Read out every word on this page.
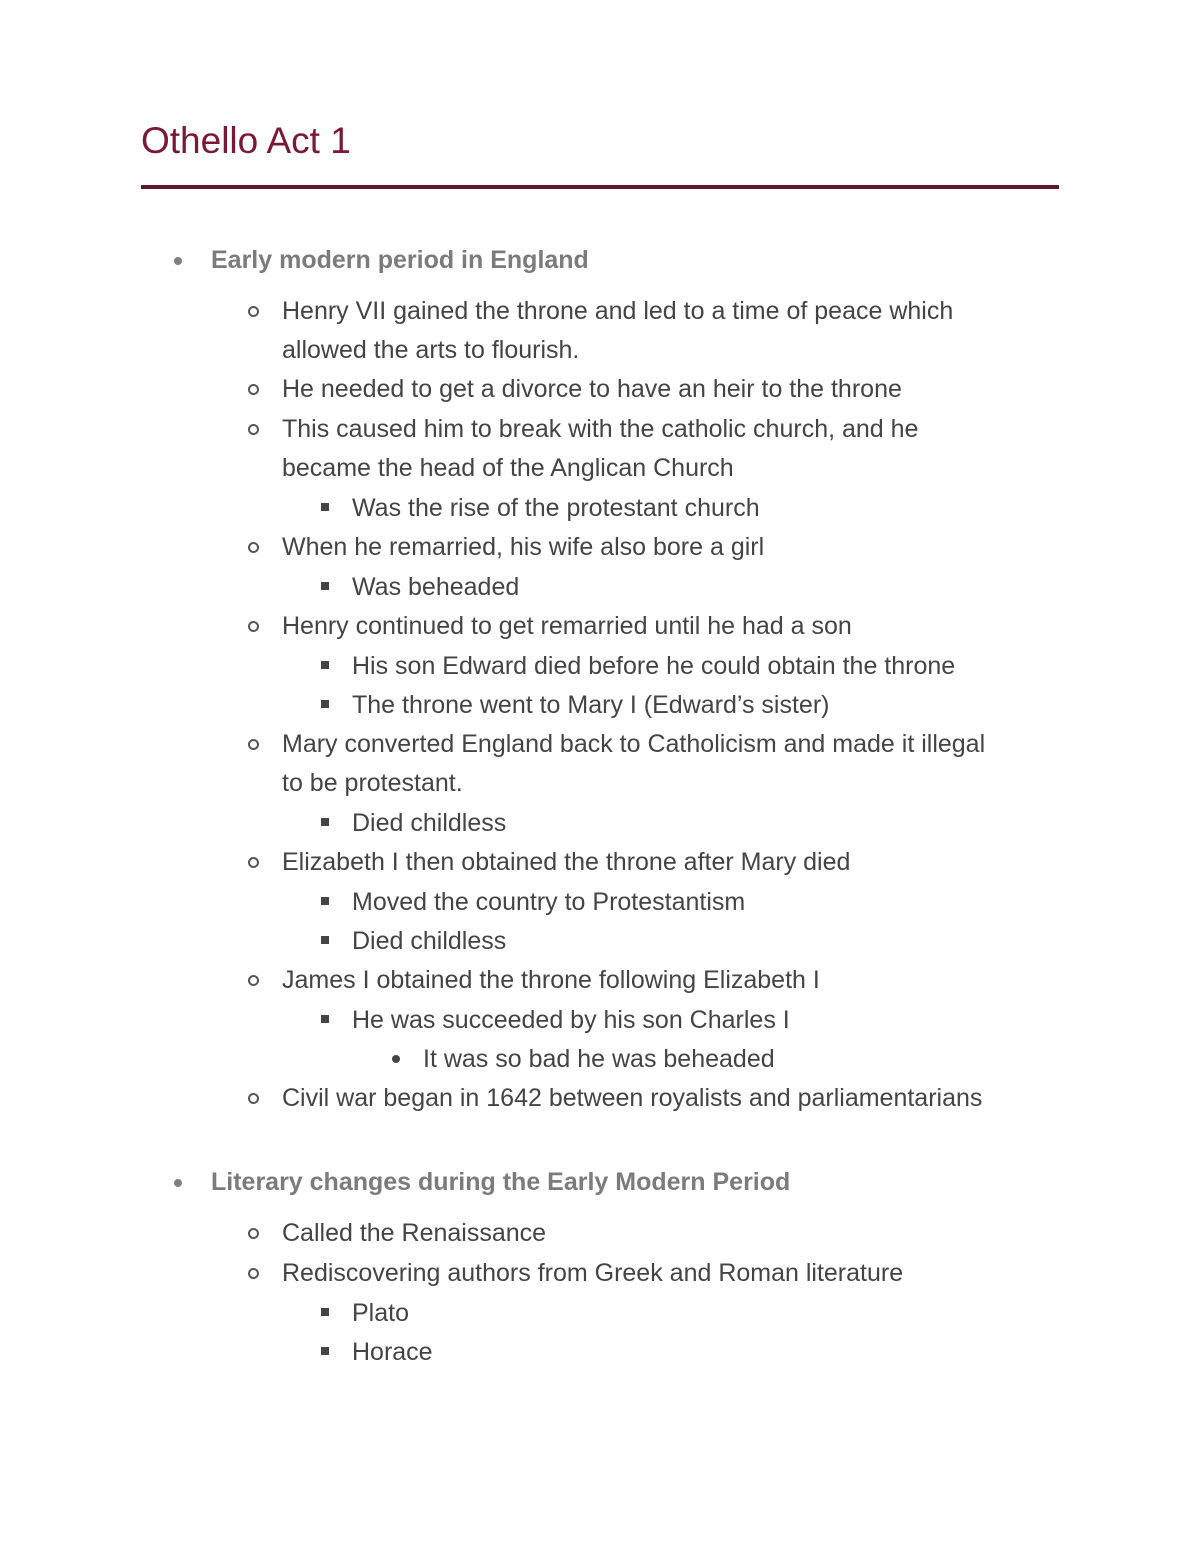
Othello Act 1
Early modern period in England
Henry VII gained the throne and led to a time of peace which
allowed the arts to flourish.
He needed to get a divorce to have an heir to the throne
This caused him to break with the catholic church, and he
became the head of the Anglican Church
Was the rise of the protestant church
When he remarried, his wife also bore a girl
Was beheaded
Henry continued to get remarried until he had a son
His son Edward died before he could obtain the throne
The throne went to Mary I (Edward’s sister)
Mary converted England back to Catholicism and made it illegal
to be protestant.
Died childless
Elizabeth I then obtained the throne after Mary died
Moved the country to Protestantism
Died childless
James I obtained the throne following Elizabeth I
He was succeeded by his son Charles I
It was so bad he was beheaded
Civil war began in 1642 between royalists and parliamentarians
Literary changes during the Early Modern Period
Called the Renaissance
Rediscovering authors from Greek and Roman literature
Plato
Horace
